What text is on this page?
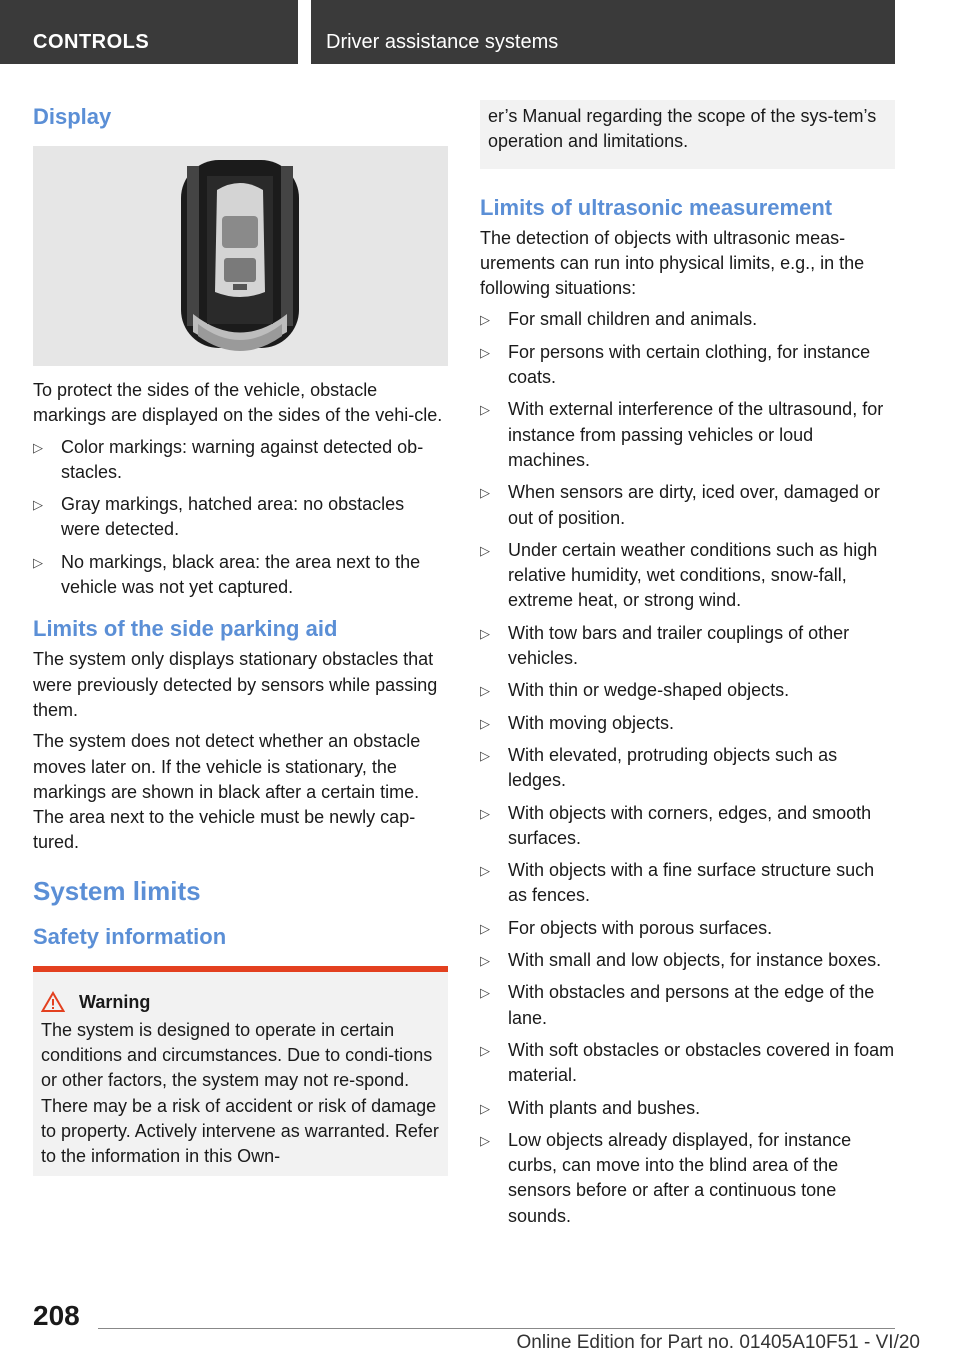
CONTROLS	Driver assistance systems
Display

To protect the sides of the vehicle, obstacle markings are displayed on the sides of the vehi-cle.

▷ Color markings: warning against detected ob-stacles.
▷ Gray markings, hatched area: no obstacles were detected.
▷ No markings, black area: the area next to the vehicle was not yet captured.
Limits of the side parking aid

The system only displays stationary obstacles that were previously detected by sensors while passing them.

The system does not detect whether an obstacle moves later on. If the vehicle is stationary, the markings are shown in black after a certain time. The area next to the vehicle must be newly cap-tured.

System limits
Safety information
Warning

The system is designed to operate in certain conditions and circumstances. Due to condi-tions or other factors, the system may not re-spond. There may be a risk of accident or risk of damage to property. Actively intervene as warranted. Refer to the information in this Own-

er’s Manual regarding the scope of the sys-tem’s operation and limitations.

Limits of ultrasonic measurement

The detection of objects with ultrasonic meas-urements can run into physical limits, e.g., in the following situations:

▷ For small children and animals.
▷ For persons with certain clothing, for instance coats.
▷ With external interference of the ultrasound, for instance from passing vehicles or loud machines.
▷ When sensors are dirty, iced over, damaged or out of position.
▷ Under certain weather conditions such as high relative humidity, wet conditions, snow-fall, extreme heat, or strong wind.
▷ With tow bars and trailer couplings of other vehicles.
▷ With thin or wedge-shaped objects.
▷ With moving objects.
▷ With elevated, protruding objects such as ledges.
▷ With objects with corners, edges, and smooth surfaces.
▷ With objects with a fine surface structure such as fences.
▷ For objects with porous surfaces.
▷ With small and low objects, for instance boxes.
▷ With obstacles and persons at the edge of the lane.
▷ With soft obstacles or obstacles covered in foam material.
▷ With plants and bushes.
▷ Low objects already displayed, for instance curbs, can move into the blind area of the sensors before or after a continuous tone sounds.
208
Online Edition for Part no. 01405A10F51 - VI/20
